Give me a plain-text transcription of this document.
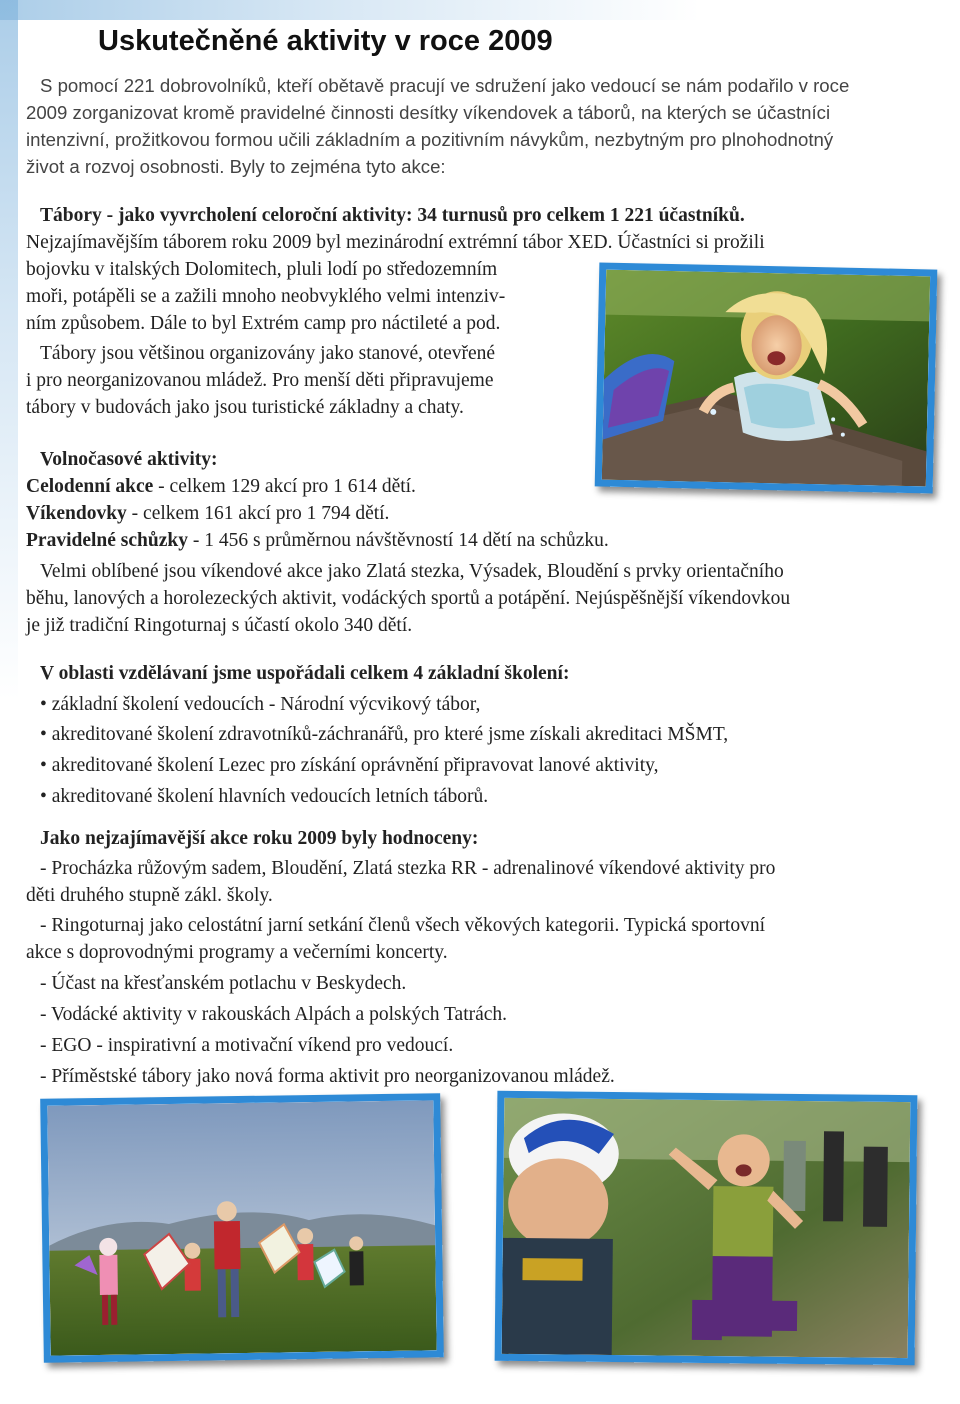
Uskutečněné aktivity v roce 2009

S pomocí 221 dobrovolníků, kteří obětavě pracují ve sdružení jako vedoucí se nám podařilo v roce

2009 zorganizovat kromě pravidelné činnosti desítky víkendovek a táborů, na kterých se účastníci

intenzivní, prožitkovou formou učili základním a pozitivním návykům, nezbytným pro plnohodnotný

život a rozvoj osobnosti. Byly to zejména tyto akce:

Tábory - jako vyvrcholení celoroční aktivity: 34 turnusů pro celkem 1 221 účastníků.

Nejzajímavějším táborem roku 2009 byl mezinárodní extrémní tábor XED. Účastníci si prožili

bojovku v italských Dolomitech, pluli lodí po středozemním

moři, potápěli se a zažili mnoho neobvyklého velmi intenziv-

ním způsobem. Dále to byl Extrém camp pro náctileté a pod.

Tábory jsou většinou organizovány jako stanové, otevřené

i pro neorganizovanou mládež. Pro menší děti připravujeme

tábory v budovách jako jsou turistické základny a chaty.

Volnočasové aktivity:

Celodenní akce - celkem 129 akcí pro 1 614 dětí.

Víkendovky - celkem 161 akcí pro 1 794 dětí.

Pravidelné schůzky - 1 456 s průměrnou návštěvností 14 dětí na schůzku.

Velmi oblíbené jsou víkendové akce jako Zlatá stezka, Výsadek, Bloudění s prvky orientačního

běhu, lanových a horolezeckých aktivit, vodáckých sportů a potápění. Nejúspěšnější víkendovkou

je již tradiční Ringoturnaj s účastí okolo 340 dětí.

V oblasti vzdělávaní jsme uspořádali celkem 4 základní školení:

• základní školení vedoucích - Národní výcvikový tábor,

• akreditované školení zdravotníků-záchranářů, pro které jsme získali akreditaci MŠMT,

• akreditované školení Lezec pro získání oprávnění připravovat lanové aktivity,

• akreditované školení hlavních vedoucích letních táborů.

Jako nejzajímavější akce roku 2009 byly hodnoceny:

- Procházka růžovým sadem, Bloudění, Zlatá stezka RR - adrenalinové víkendové aktivity pro

děti druhého stupně zákl. školy.

- Ringoturnaj jako celostátní jarní setkání členů všech věkových kategorii. Typická sportovní

akce s doprovodnými programy a večerními koncerty.

- Účast na křesťanském potlachu v Beskydech.

- Vodácké aktivity v rakouskách Alpách a polských Tatrách.

- EGO - inspirativní a motivační víkend pro vedoucí.

- Příměstské tábory jako nová forma aktivit pro neorganizovanou mládež.
